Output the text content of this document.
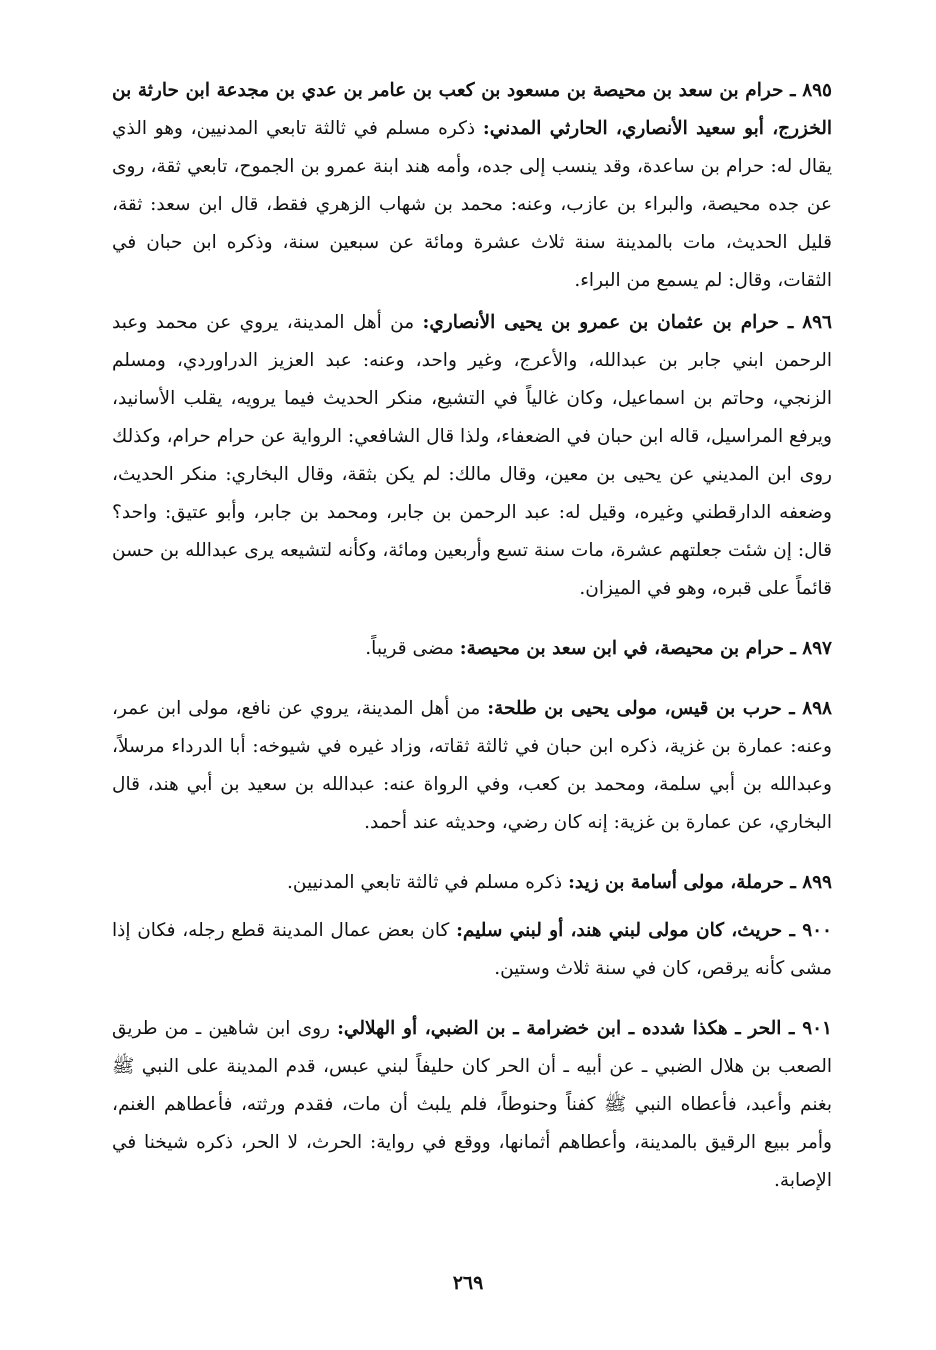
٨٩٥ ـ حرام بن سعد بن محيصة بن مسعود بن كعب بن عامر بن عدي بن مجدعة ابن حارثة بن الخزرج، أبو سعيد الأنصاري، الحارثي المدني: ذكره مسلم في ثالثة تابعي المدنيين، وهو الذي يقال له: حرام بن ساعدة، وقد ينسب إلى جده، وأمه هند ابنة عمرو بن الجموح، تابعي ثقة، روى عن جده محيصة، والبراء بن عازب، وعنه: محمد بن شهاب الزهري فقط، قال ابن سعد: ثقة، قليل الحديث، مات بالمدينة سنة ثلاث عشرة ومائة عن سبعين سنة، وذكره ابن حبان في الثقات، وقال: لم يسمع من البراء.

٨٩٦ ـ حرام بن عثمان بن عمرو بن يحيى الأنصاري: من أهل المدينة، يروي عن محمد وعبد الرحمن ابني جابر بن عبدالله، والأعرج، وغير واحد، وعنه: عبد العزيز الدراوردي، ومسلم الزنجي، وحاتم بن اسماعيل، وكان غالياً في التشيع، منكر الحديث فيما يرويه، يقلب الأسانيد، ويرفع المراسيل، قاله ابن حبان في الضعفاء، ولذا قال الشافعي: الرواية عن حرام حرام، وكذلك روى ابن المديني عن يحيى بن معين، وقال مالك: لم يكن بثقة، وقال البخاري: منكر الحديث، وضعفه الدارقطني وغيره، وقيل له: عبد الرحمن بن جابر، ومحمد بن جابر، وأبو عتيق: واحد؟ قال: إن شئت جعلتهم عشرة، مات سنة تسع وأربعين ومائة، وكأنه لتشيعه يرى عبدالله بن حسن قائماً على قبره، وهو في الميزان.

٨٩٧ ـ حرام بن محيصة، في ابن سعد بن محيصة: مضى قريباً.

٨٩٨ ـ حرب بن قيس، مولى يحيى بن طلحة: من أهل المدينة، يروي عن نافع، مولى ابن عمر، وعنه: عمارة بن غزية، ذكره ابن حبان في ثالثة ثقاته، وزاد غيره في شيوخه: أبا الدرداء مرسلاً، وعبدالله بن أبي سلمة، ومحمد بن كعب، وفي الرواة عنه: عبدالله بن سعيد بن أبي هند، قال البخاري، عن عمارة بن غزية: إنه كان رضي، وحديثه عند أحمد.

٨٩٩ ـ حرملة، مولى أسامة بن زيد: ذكره مسلم في ثالثة تابعي المدنيين.

٩٠٠ ـ حريث، كان مولى لبني هند، أو لبني سليم: كان بعض عمال المدينة قطع رجله، فكان إذا مشى كأنه يرقص، كان في سنة ثلاث وستين.

٩٠١ ـ الحر ـ هكذا شدده ـ ابن خضرامة ـ بن الضبي، أو الهلالي: روى ابن شاهين ـ من طريق الصعب بن هلال الضبي ـ عن أبيه ـ أن الحر كان حليفاً لبني عبس، قدم المدينة على النبي ﷺ بغنم وأعبد، فأعطاه النبي ﷺ كفناً وحنوطاً، فلم يلبث أن مات، فقدم ورثته، فأعطاهم الغنم، وأمر ببيع الرقيق بالمدينة، وأعطاهم أثمانها، ووقع في رواية: الحرث، لا الحر، ذكره شيخنا في الإصابة.

٢٦٩
